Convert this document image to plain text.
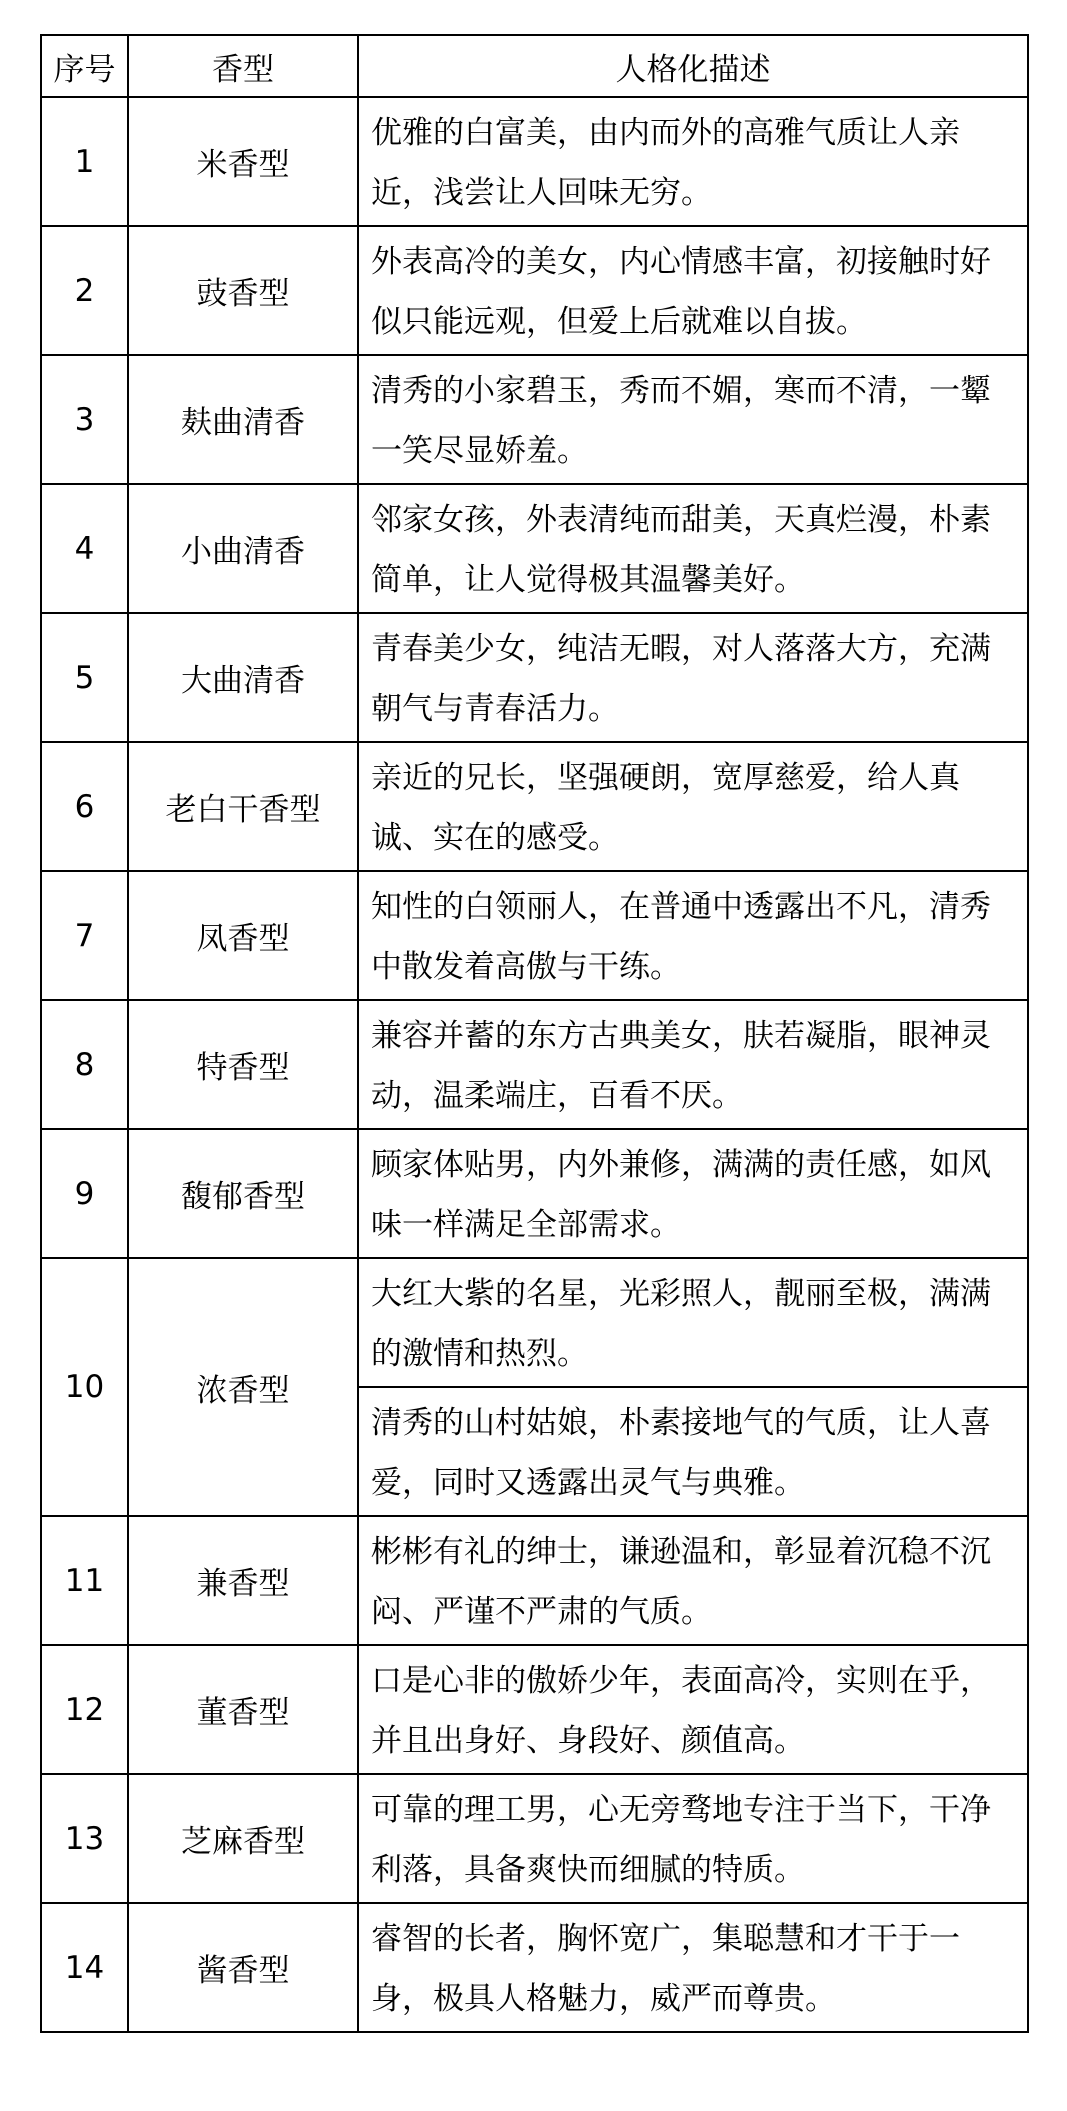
序号	香型	人格化描述
1	米香型	优雅的白富美，由内而外的高雅气质让人亲近，浅尝让人回味无穷。
2	豉香型	外表高冷的美女，内心情感丰富，初接触时好似只能远观，但爱上后就难以自拔。
3	麸曲清香	清秀的小家碧玉，秀而不媚，寒而不清，一颦一笑尽显娇羞。
4	小曲清香	邻家女孩，外表清纯而甜美，天真烂漫，朴素简单，让人觉得极其温馨美好。
5	大曲清香	青春美少女，纯洁无暇，对人落落大方，充满朝气与青春活力。
6	老白干香型	亲近的兄长，坚强硬朗，宽厚慈爱，给人真诚、实在的感受。
7	凤香型	知性的白领丽人，在普通中透露出不凡，清秀中散发着高傲与干练。
8	特香型	兼容并蓄的东方古典美女，肤若凝脂，眼神灵动，温柔端庄，百看不厌。
9	馥郁香型	顾家体贴男，内外兼修，满满的责任感，如风味一样满足全部需求。
10	浓香型	大红大紫的名星，光彩照人，靓丽至极，满满的激情和热烈。
		清秀的山村姑娘，朴素接地气的气质，让人喜爱，同时又透露出灵气与典雅。
11	兼香型	彬彬有礼的绅士，谦逊温和，彰显着沉稳不沉闷、严谨不严肃的气质。
12	董香型	口是心非的傲娇少年，表面高冷，实则在乎，并且出身好、身段好、颜值高。
13	芝麻香型	可靠的理工男，心无旁骛地专注于当下，干净利落，具备爽快而细腻的特质。
14	酱香型	睿智的长者，胸怀宽广，集聪慧和才干于一身，极具人格魅力，威严而尊贵。
